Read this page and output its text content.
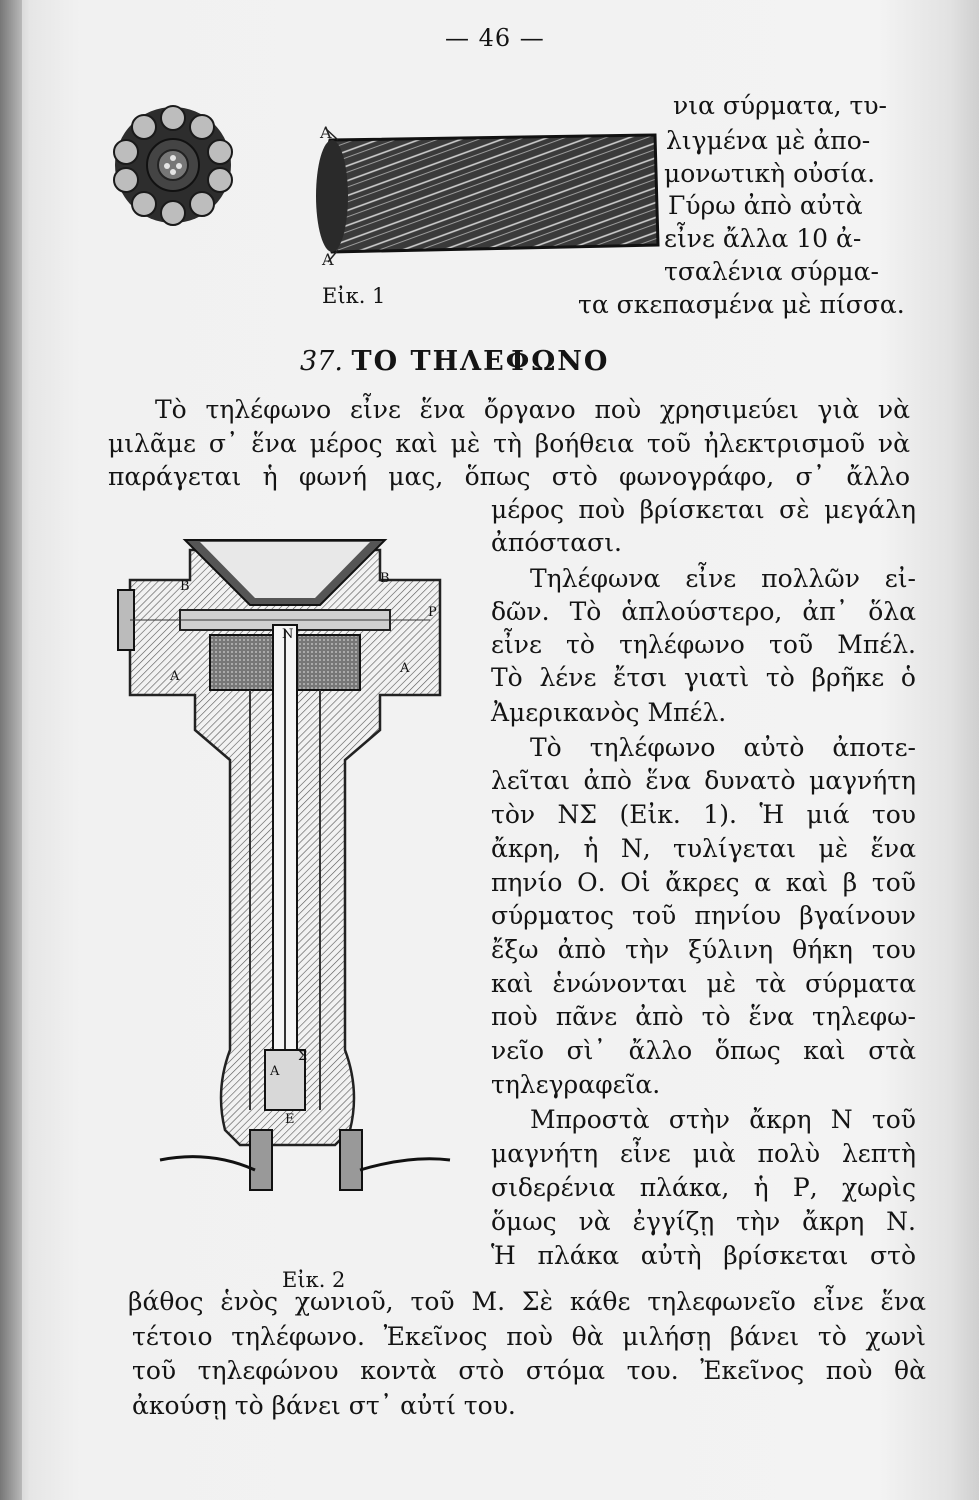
— 46 —
Α
Α
Εἰκ. 1
νια σύρματα, τυ-
λιγμένα μὲ ἀπο-
μονωτικὴ οὐσία.
Γύρω ἀπὸ αὐτὰ
εἶνε ἄλλα 10 ἀ-
τσαλένια σύρμα-
τα σκεπασμένα μὲ πίσσα.
37. ΤΟ ΤΗΛΕΦΩΝΟ
Τὸ τηλέφωνο εἶνε ἕνα ὄργανο ποὺ χρησιμεύει γιὰ νὰ
μιλᾶμε σ᾽ ἕνα μέρος καὶ μὲ τὴ βοήθεια τοῦ ἠλεκτρισμοῦ νὰ
παράγεται ἡ φωνή μας, ὅπως στὸ φωνογράφο, σ᾽ ἄλλο
Β
Β
Α
Α
Ν
Ρ
Σ
Α
Ε
Εἰκ. 2
μέρος ποὺ βρίσκεται σὲ μεγάλη
ἀπόστασι.
Τηλέφωνα εἶνε πολλῶν εἰ-
δῶν. Τὸ ἁπλούστερο, ἀπ᾽ ὅλα
εἶνε τὸ τηλέφωνο τοῦ Μπέλ.
Τὸ λένε ἔτσι γιατὶ τὸ βρῆκε ὁ
Ἀμερικανὸς Μπέλ.
Τὸ τηλέφωνο αὐτὸ ἀποτε-
λεῖται ἀπὸ ἕνα δυνατὸ μαγνήτη
τὸν ΝΣ (Εἰκ. 1). Ἡ μιά του
ἄκρη, ἡ Ν, τυλίγεται μὲ ἕνα
πηνίο Ο. Οἱ ἄκρες α καὶ β τοῦ
σύρματος τοῦ πηνίου βγαίνουν
ἔξω ἀπὸ τὴν ξύλινη θήκη του
καὶ ἑνώνονται μὲ τὰ σύρματα
ποὺ πᾶνε ἀπὸ τὸ ἕνα τηλεφω-
νεῖο σὶ᾽ ἄλλο ὅπως καὶ στὰ
τηλεγραφεῖα.
Μπροστὰ στὴν ἄκρη Ν τοῦ
μαγνήτη εἶνε μιὰ πολὺ λεπτὴ
σιδερένια πλάκα, ἡ Ρ, χωρὶς
ὅμως νὰ ἐγγίζῃ τὴν ἄκρη Ν.
Ἡ πλάκα αὐτὴ βρίσκεται στὸ
βάθος ἑνὸς χωνιοῦ, τοῦ Μ. Σὲ κάθε τηλεφωνεῖο εἶνε ἕνα
τέτοιο τηλέφωνο. Ἐκεῖνος ποὺ θὰ μιλήσῃ βάνει τὸ χωνὶ
τοῦ τηλεφώνου κοντὰ στὸ στόμα του. Ἐκεῖνος ποὺ θὰ
ἀκούσῃ τὸ βάνει στ᾽ αὐτί του.
